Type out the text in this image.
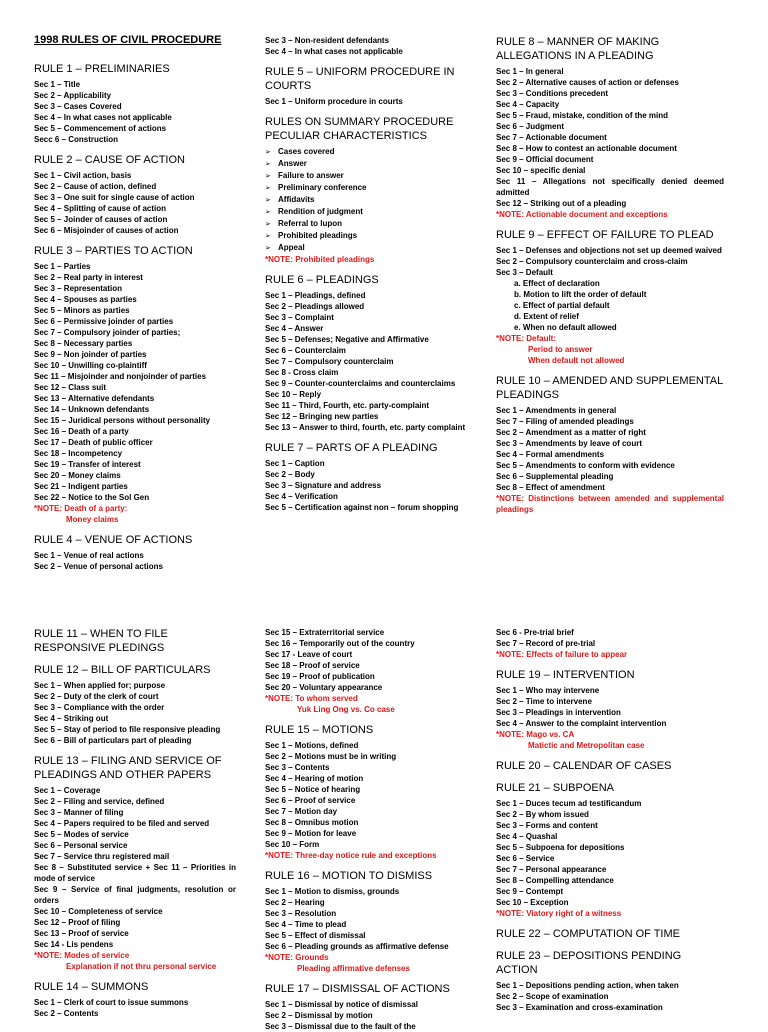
1998 RULES OF CIVIL PROCEDURE
RULE 1 – PRELIMINARIES
Sec 1 – Title
Sec 2 – Applicability
Sec 3 – Cases Covered
Sec 4 – In what cases not applicable
Sec 5 – Commencement of actions
Secc 6 – Construction
RULE 2 – CAUSE OF ACTION
Sec 1 – Civil action, basis
Sec 2 – Cause of action, defined
Sec 3 – One suit for single cause of action
Sec 4 – Splitting of cause of action
Sec 5 – Joinder of causes of action
Sec 6 – Misjoinder of causes of action
RULE 3 – PARTIES TO ACTION
Sec 1 – Parties
Sec 2 – Real party in interest
Sec 3 – Representation
Sec 4 – Spouses as parties
Sec 5 – Minors as parties
Sec 6 – Permissive joinder of parties
Sec 7 – Compulsory joinder of parties;
Sec 8 – Necessary parties
Sec 9 – Non joinder of parties
Sec 10 – Unwilling co-plaintiff
Sec 11 – Misjoinder and nonjoinder of parties
Sec 12 – Class suit
Sec 13 – Alternative defendants
Sec 14 – Unknown defendants
Sec 15 – Juridical persons without personality
Sec 16 – Death of a party
Sec 17 – Death of public officer
Sec 18 – Incompetency
Sec 19 – Transfer of interest
Sec 20 – Money claims
Sec 21 – Indigent parties
Sec 22 – Notice to the Sol Gen
*NOTE: Death of a party:
Money claims
RULE 4 – VENUE OF ACTIONS
Sec 1 – Venue of real actions
Sec 2 – Venue of personal actions
Sec 3 – Non-resident defendants
Sec 4 – In what cases not applicable
RULE 5 – UNIFORM PROCEDURE IN COURTS
Sec 1 – Uniform procedure in courts
RULES ON SUMMARY PROCEDURE PECULIAR CHARACTERISTICS
➢ Cases covered
➢ Answer
➢ Failure to answer
➢ Preliminary conference
➢ Affidavits
➢ Rendition of judgment
➢ Referral to lupon
➢ Prohibited pleadings
➢ Appeal
*NOTE: Prohibited pleadings
RULE 6 – PLEADINGS
Sec 1 – Pleadings, defined
Sec 2 – Pleadings allowed
Sec 3 – Complaint
Sec 4 – Answer
Sec 5 – Defenses; Negative and Affirmative
Sec 6 – Counterclaim
Sec 7 – Compulsory counterclaim
Sec 8 - Cross claim
Sec 9 – Counter-counterclaims and counterclaims
Sec 10 – Reply
Sec 11 – Third, Fourth, etc. party-complaint
Sec 12 – Bringing new parties
Sec 13 – Answer to third, fourth, etc. party complaint
RULE 7 – PARTS OF A PLEADING
Sec 1 – Caption
Sec 2 – Body
Sec 3 – Signature and address
Sec 4 – Verification
Sec 5 – Certification against non – forum shopping
RULE 8 – MANNER OF MAKING ALLEGATIONS IN A PLEADING
Sec 1 – In general
Sec 2 – Alternative causes of action or defenses
Sec 3 – Conditions precedent
Sec 4 – Capacity
Sec 5 – Fraud, mistake, condition of the mind
Sec 6 – Judgment
Sec 7 – Actionable document
Sec 8 – How to contest an actionable document
Sec 9 – Official document
Sec 10 – specific denial
Sec 11 – Allegations not specifically denied deemed admitted
Sec 12 – Striking out of a pleading
*NOTE: Actionable document and exceptions
RULE 9 – EFFECT OF FAILURE TO PLEAD
Sec 1 – Defenses and objections not set up deemed waived
Sec 2 – Compulsory counterclaim and cross-claim
Sec 3 – Default
a. Effect of declaration
b. Motion to lift the order of default
c. Effect of partial default
d. Extent of relief
e. When no default allowed
*NOTE: Default:
Period to answer
When default not allowed
RULE 10 – AMENDED AND SUPPLEMENTAL PLEADINGS
Sec 1 – Amendments in general
Sec 7 – Filing of amended pleadings
Sec 2 – Amendment as a matter of right
Sec 3 – Amendments by leave of court
Sec 4 – Formal amendments
Sec 5 – Amendments to conform with evidence
Sec 6 – Supplemental pleading
Sec 8 – Effect of amendment
*NOTE: Distinctions between amended and supplemental pleadings
RULE 11 – WHEN TO FILE RESPONSIVE PLEDINGS
RULE 12 – BILL OF PARTICULARS
Sec 1 – When applied for; purpose
Sec 2 – Duty of the clerk of court
Sec 3 – Compliance with the order
Sec 4 – Striking out
Sec 5 – Stay of period to file responsive pleading
Sec 6 – Bill of particulars part of pleading
RULE 13 – FILING AND SERVICE OF PLEADINGS AND OTHER PAPERS
Sec 1 – Coverage
Sec 2 – Filing and service, defined
Sec 3 – Manner of filing
Sec 4 – Papers required to be filed and served
Sec 5 – Modes of service
Sec 6 – Personal service
Sec 7 – Service thru registered mail
Sec 8 – Substituted service + Sec 11 – Priorities in mode of service
Sec 9 – Service of final judgments, resolution or orders
Sec 10 – Completeness of service
Sec 12 – Proof of filing
Sec 13 – Proof of service
Sec 14 - Lis pendens
*NOTE: Modes of service
Explanation if not thru personal service
RULE 14 – SUMMONS
Sec 1 – Clerk of court to issue summons
Sec 2 – Contents
Sec 15 – Extraterritorial service
Sec 16 – Temporarily out of the country
Sec 17 - Leave of court
Sec 18 – Proof of service
Sec 19 – Proof of publication
Sec 20 – Voluntary appearance
*NOTE: To whom served
Yuk Ling Ong vs. Co case
RULE 15 – MOTIONS
Sec 1 – Motions, defined
Sec 2 – Motions must be in writing
Sec 3 – Contents
Sec 4 – Hearing of motion
Sec 5 – Notice of hearing
Sec 6 – Proof of service
Sec 7 – Motion day
Sec 8 – Omnibus motion
Sec 9 – Motion for leave
Sec 10 – Form
*NOTE: Three-day notice rule and exceptions
RULE 16 – MOTION TO DISMISS
Sec 1 – Motion to dismiss, grounds
Sec 2 – Hearing
Sec 3 – Resolution
Sec 4 – Time to plead
Sec 5 – Effect of dismissal
Sec 6 – Pleading grounds as affirmative defense
*NOTE: Grounds
Pleading affirmative defenses
RULE 17 – DISMISSAL OF ACTIONS
Sec 1 – Dismissal by notice of dismissal
Sec 2 – Dismissal by motion
Sec 3 – Dismissal due to the fault of the
Sec 6 - Pre-trial brief
Sec 7 – Record of pre-trial
*NOTE: Effects of failure to appear
RULE 19 – INTERVENTION
Sec 1 – Who may intervene
Sec 2 – Time to intervene
Sec 3 – Pleadings in intervention
Sec 4 – Answer to the complaint intervention
*NOTE: Mago vs. CA
Matictic and Metropolitan case
RULE 20 – CALENDAR OF CASES
RULE 21 – SUBPOENA
Sec 1 – Duces tecum ad testificandum
Sec 2 – By whom issued
Sec 3 – Forms and content
Sec 4 – Quashal
Sec 5 – Subpoena for depositions
Sec 6 – Service
Sec 7 – Personal appearance
Sec 8 – Compelling attendance
Sec 9 – Contempt
Sec 10 – Exception
*NOTE: Viatory right of a witness
RULE 22 – COMPUTATION OF TIME
RULE 23 – DEPOSITIONS PENDING ACTION
Sec 1 – Depositions pending action, when taken
Sec 2 – Scope of examination
Sec 3 – Examination and cross-examination
